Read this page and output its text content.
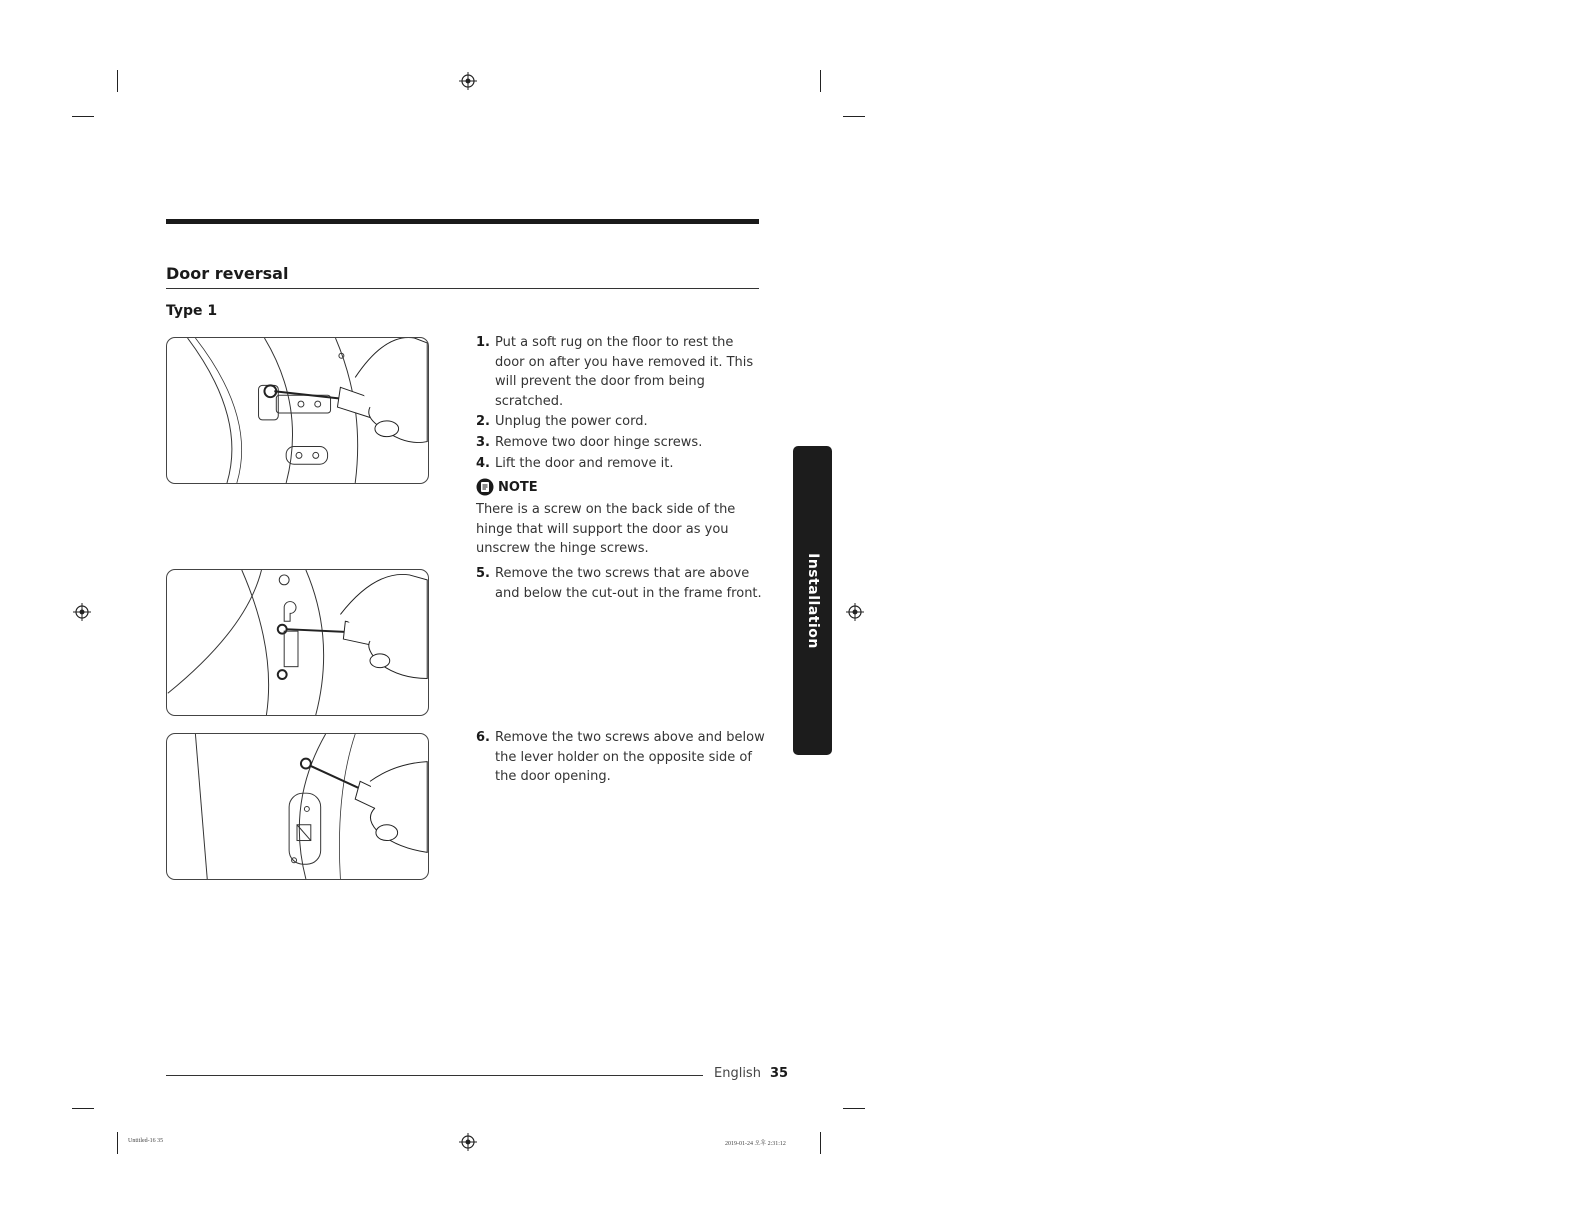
Door reversal
Type 1
1. Put a soft rug on the floor to rest the door on after you have removed it. This will prevent the door from being scratched.
2. Unplug the power cord.
3. Remove two door hinge screws.
4. Lift the door and remove it.
NOTE
There is a screw on the back side of the hinge that will support the door as you unscrew the hinge screws.
5. Remove the two screws that are above and below the cut-out in the frame front.
6. Remove the two screws above and below the lever holder on the opposite side of the door opening.
Installation
English 35
Untitled-16 35	2019-01-24 오후 2:31:12
